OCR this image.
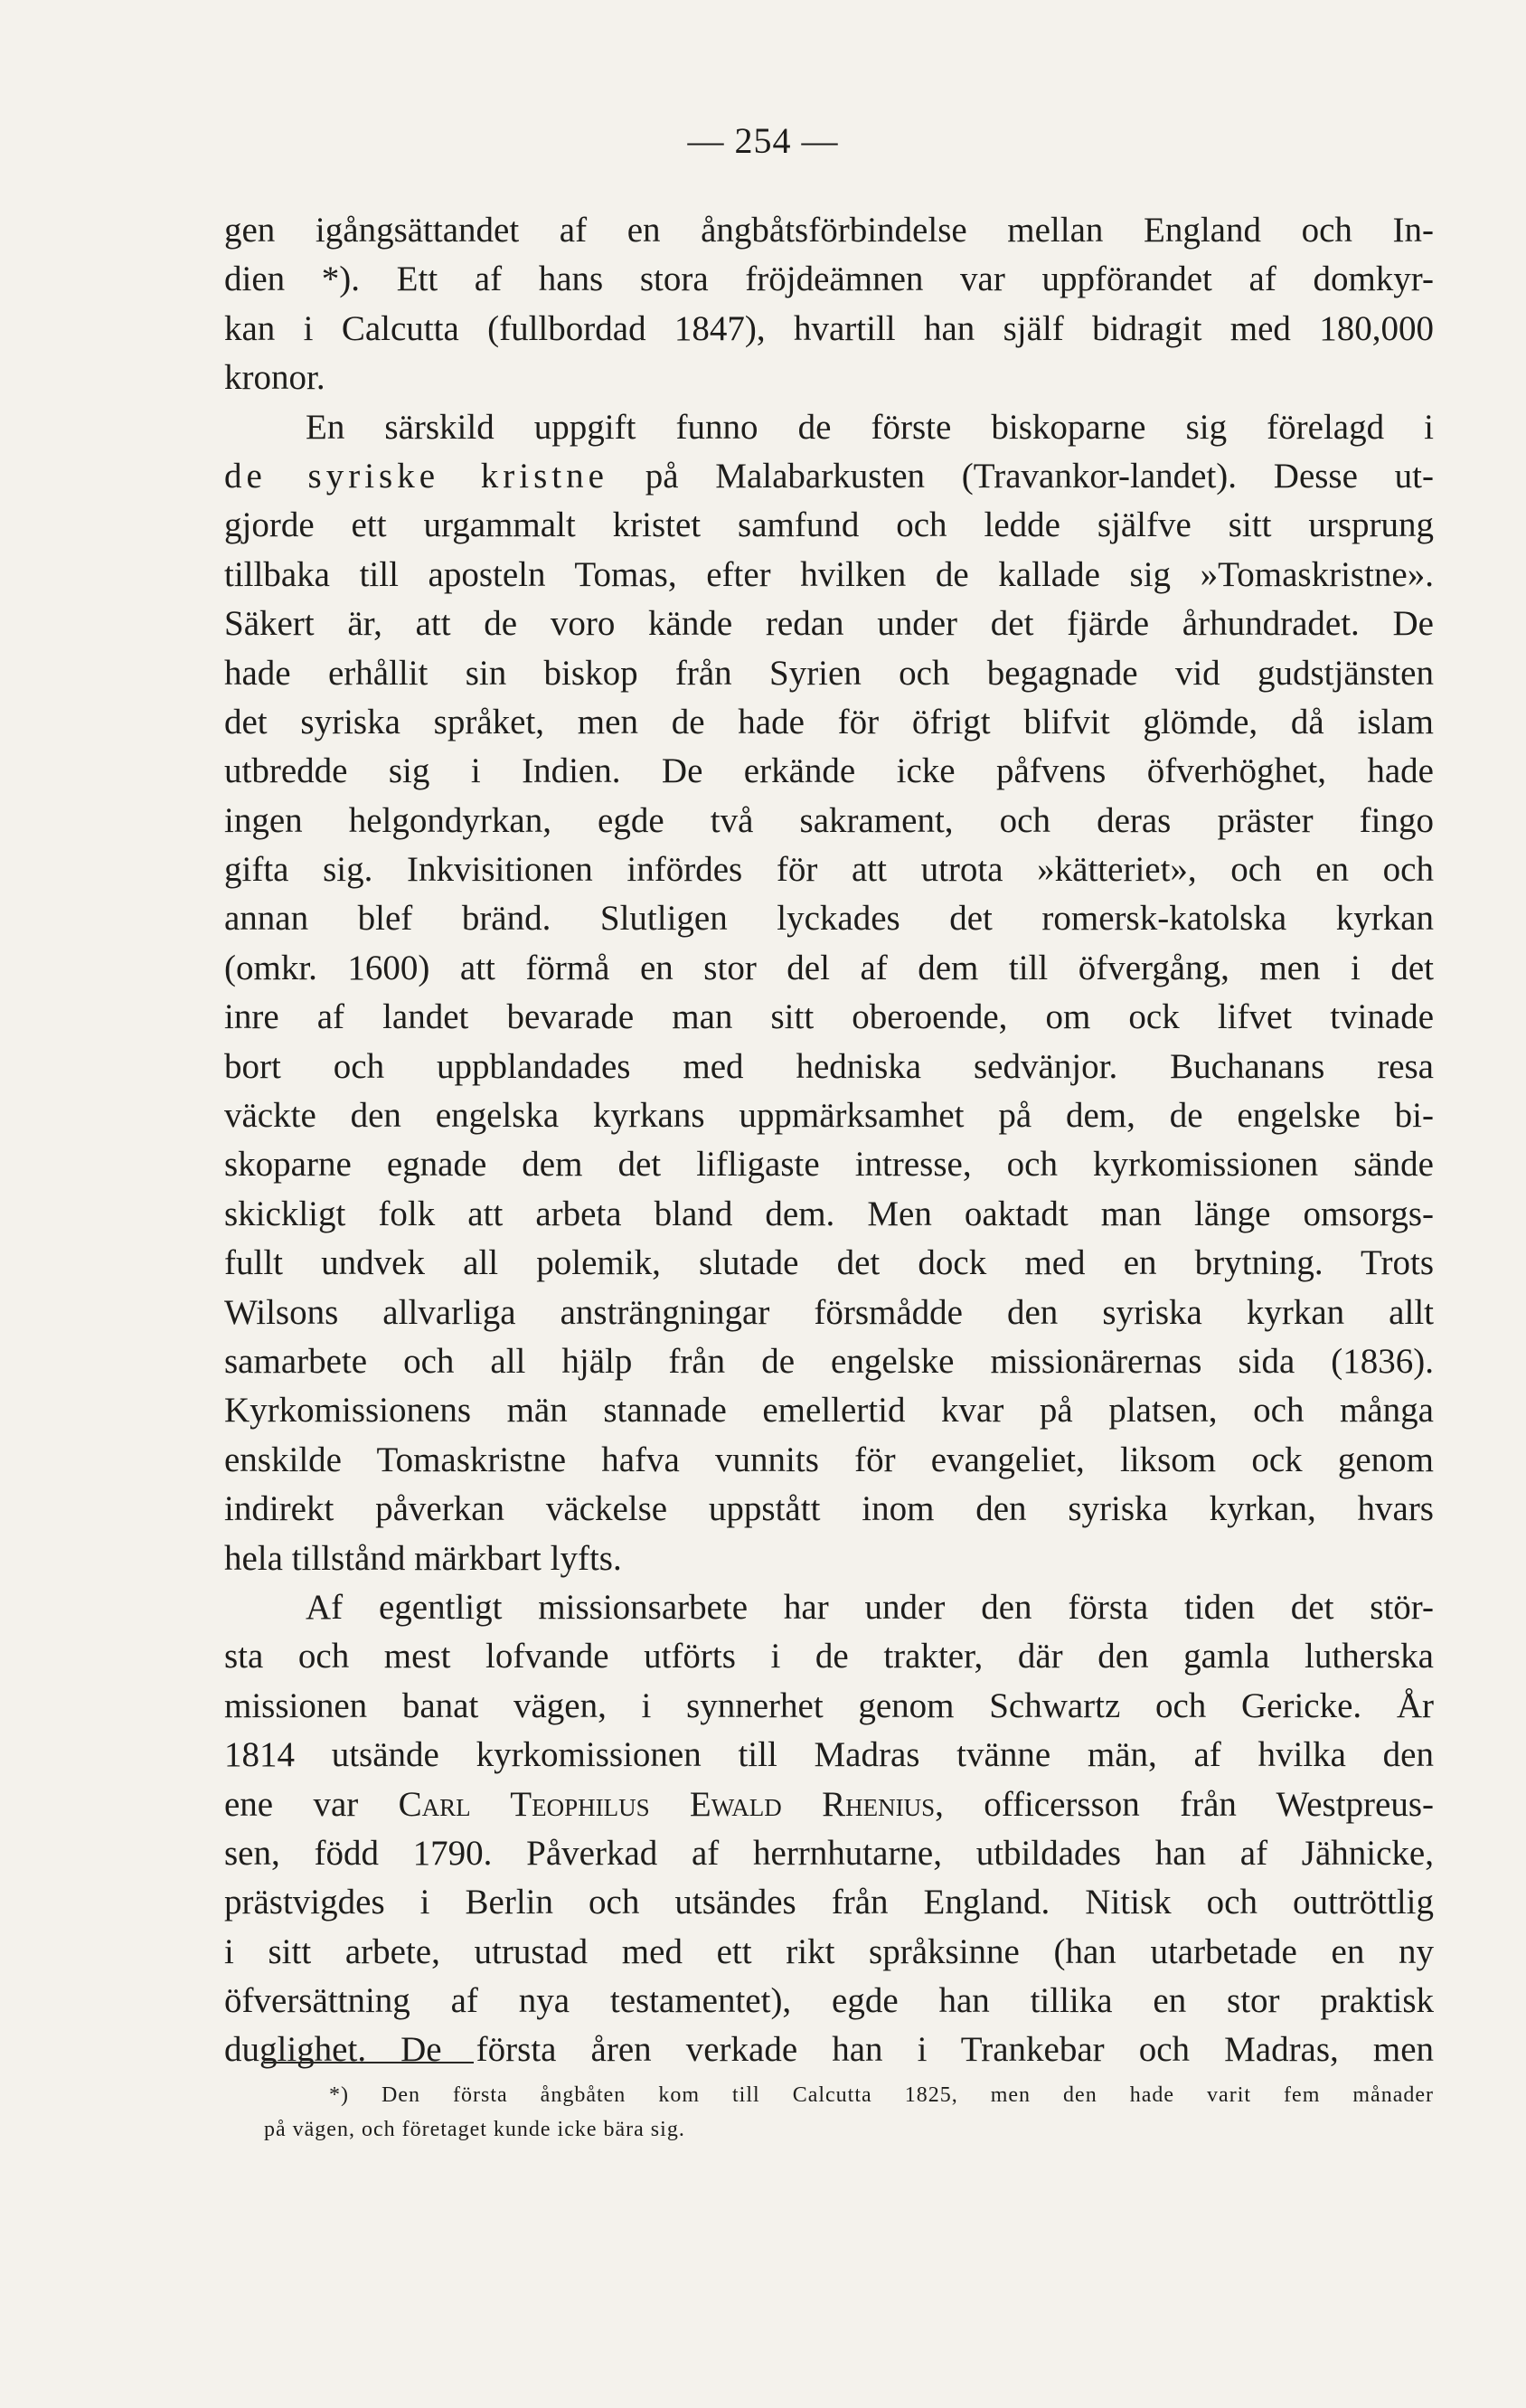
— 254 —
gen igångsättandet af en ångbåtsförbindelse mellan England och In-
dien *). Ett af hans stora fröjdeämnen var uppförandet af domkyr-
kan i Calcutta (fullbordad 1847), hvartill han själf bidragit med 180,000
kronor.
En särskild uppgift funno de förste biskoparne sig förelagd i
de syriske kristne på Malabarkusten (Travankor-landet). Desse ut-
gjorde ett urgammalt kristet samfund och ledde själfve sitt ursprung
tillbaka till aposteln Tomas, efter hvilken de kallade sig »Tomaskristne».
Säkert är, att de voro kände redan under det fjärde århundradet. De
hade erhållit sin biskop från Syrien och begagnade vid gudstjänsten
det syriska språket, men de hade för öfrigt blifvit glömde, då islam
utbredde sig i Indien. De erkände icke påfvens öfverhöghet, hade
ingen helgondyrkan, egde två sakrament, och deras präster fingo
gifta sig. Inkvisitionen infördes för att utrota »kätteriet», och en och
annan blef bränd. Slutligen lyckades det romersk-katolska kyrkan
(omkr. 1600) att förmå en stor del af dem till öfvergång, men i det
inre af landet bevarade man sitt oberoende, om ock lifvet tvinade
bort och uppblandades med hedniska sedvänjor. Buchanans resa
väckte den engelska kyrkans uppmärksamhet på dem, de engelske bi-
skoparne egnade dem det lifligaste intresse, och kyrkomissionen sände
skickligt folk att arbeta bland dem. Men oaktadt man länge omsorgs-
fullt undvek all polemik, slutade det dock med en brytning. Trots
Wilsons allvarliga ansträngningar försmådde den syriska kyrkan allt
samarbete och all hjälp från de engelske missionärernas sida (1836).
Kyrkomissionens män stannade emellertid kvar på platsen, och många
enskilde Tomaskristne hafva vunnits för evangeliet, liksom ock genom
indirekt påverkan väckelse uppstått inom den syriska kyrkan, hvars
hela tillstånd märkbart lyfts.
Af egentligt missionsarbete har under den första tiden det stör-
sta och mest lofvande utförts i de trakter, där den gamla lutherska
missionen banat vägen, i synnerhet genom Schwartz och Gericke. År
1814 utsände kyrkomissionen till Madras tvänne män, af hvilka den
ene var Carl Teophilus Ewald Rhenius, officersson från Westpreus-
sen, född 1790. Påverkad af herrnhutarne, utbildades han af Jähnicke,
prästvigdes i Berlin och utsändes från England. Nitisk och outtröttlig
i sitt arbete, utrustad med ett rikt språksinne (han utarbetade en ny
öfversättning af nya testamentet), egde han tillika en stor praktisk
duglighet. De första åren verkade han i Trankebar och Madras, men
*) Den första ångbåten kom till Calcutta 1825, men den hade varit fem månader
på vägen, och företaget kunde icke bära sig.
